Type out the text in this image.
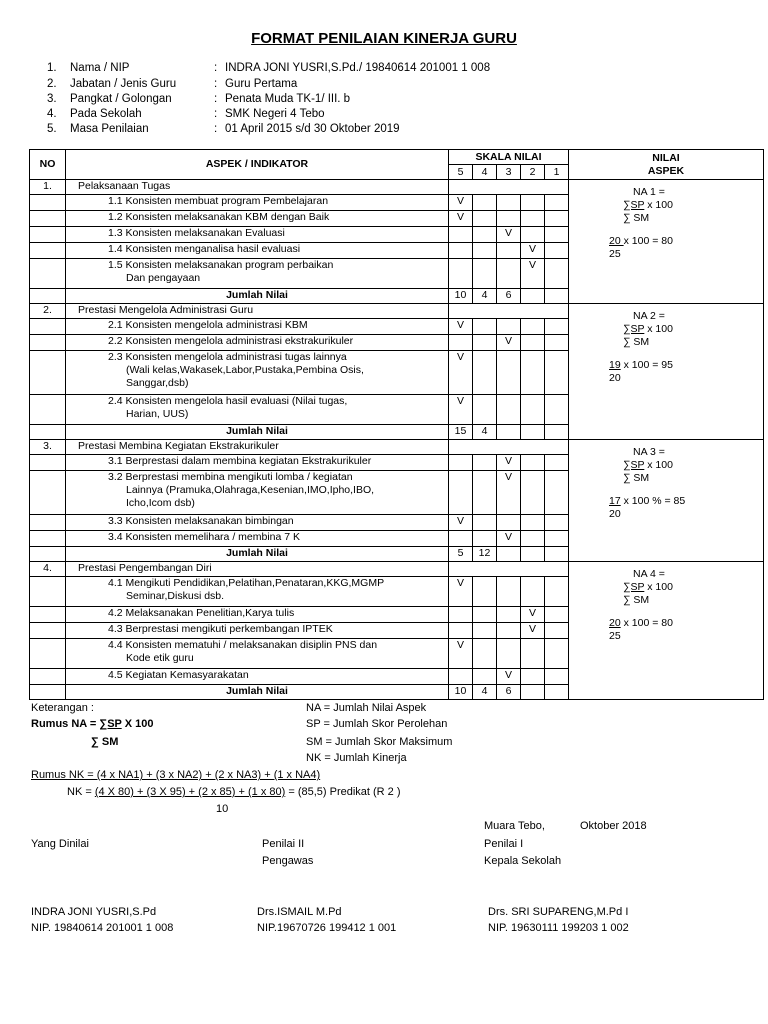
FORMAT PENILAIAN KINERJA GURU
1. Nama / NIP	: INDRA JONI YUSRI,S.Pd./ 19840614 201001 1 008
2. Jabatan / Jenis Guru	: Guru Pertama
3. Pangkat / Golongan	: Penata Muda TK-1/ III. b
4. Pada Sekolah	: SMK Negeri 4 Tebo
5. Masa Penilaian	: 01 April 2015 s/d 30 Oktober 2019
NO	ASPEK / INDIKATOR	SKALA NILAI					NILAI
ASPEK
		5	4	3	2	1	
1.	Pelaksanaan Tugas						NA 1 =
∑SP x 100
∑ SM
20 x 100 = 80
25

	1.1 Konsisten membuat program Pembelajaran	V					

	1.2 Konsisten melaksanakan KBM dengan Baik	V					

	1.3 Konsisten melaksanakan Evaluasi			V			

	1.4 Konsisten menganalisa hasil evaluasi				V		

	1.5 Konsisten melaksanakan program perbaikan
Dan pengayaan				V		
	Jumlah Nilai	10	4	6			
2.	Prestasi Mengelola Administrasi Guru						NA 2 =
∑SP x 100
∑ SM
19 x 100 = 95
20

	2.1 Konsisten mengelola administrasi KBM	V					

	2.2 Konsisten mengelola administrasi ekstrakurikuler			V			

	2.3 Konsisten mengelola administrasi tugas lainnya
(Wali kelas,Wakasek,Labor,Pustaka,Pembina Osis,
Sanggar,dsb)	V					

	2.4 Konsisten mengelola hasil evaluasi (Nilai tugas,
Harian, UUS)	V					
	Jumlah Nilai	15	4				
3.	Prestasi Membina Kegiatan Ekstrakurikuler						NA 3 =
∑SP x 100
∑ SM
17 x 100 % = 85
20

	3.1 Berprestasi dalam membina kegiatan Ekstrakurikuler			V			

	3.2 Berprestasi membina mengikuti lomba / kegiatan
Lainnya (Pramuka,Olahraga,Kesenian,IMO,Ipho,IBO,
Icho,Icom dsb)			V			

	3.3 Konsisten melaksanakan bimbingan	V					

	3.4 Konsisten memelihara / membina 7 K			V			
	Jumlah Nilai	5	12				
4.	Prestasi Pengembangan Diri						NA 4 =
∑SP x 100
∑ SM
20 x 100 = 80
25

	4.1 Mengikuti Pendidikan,Pelatihan,Penataran,KKG,MGMP
Seminar,Diskusi dsb.	V					

	4.2 Melaksanakan Penelitian,Karya tulis				V		

	4.3 Berprestasi mengikuti perkembangan IPTEK				V		

	4.4 Konsisten mematuhi / melaksanakan disiplin PNS dan
Kode etik guru	V					

	4.5 Kegiatan Kemasyarakatan			V			
	Jumlah Nilai	10	4	6			
Keterangan :
Rumus NA = ∑SP X 100
∑ SM
NA = Jumlah Nilai Aspek
SP = Jumlah Skor Perolehan
SM = Jumlah Skor Maksimum
NK = Jumlah Kinerja
Rumus NK = (4 x NA1) + (3 x NA2) + (2 x NA3) + (1 x NA4)
NK = (4 X 80) + (3 X 95) + (2 x 85) + (1 x 80) = (85,5) Predikat (R 2 )
10
Muara Tebo,	Oktober 2018
Yang Dinilai	Penilai II
Pengawas
Penilai I
Kepala Sekolah
INDRA JONI YUSRI,S.Pd
NIP. 19840614 201001 1 008
Drs.ISMAIL M.Pd
NIP.19670726 199412 1 001
Drs. SRI SUPARENG,M.Pd I
NIP. 19630111 199203 1 002
